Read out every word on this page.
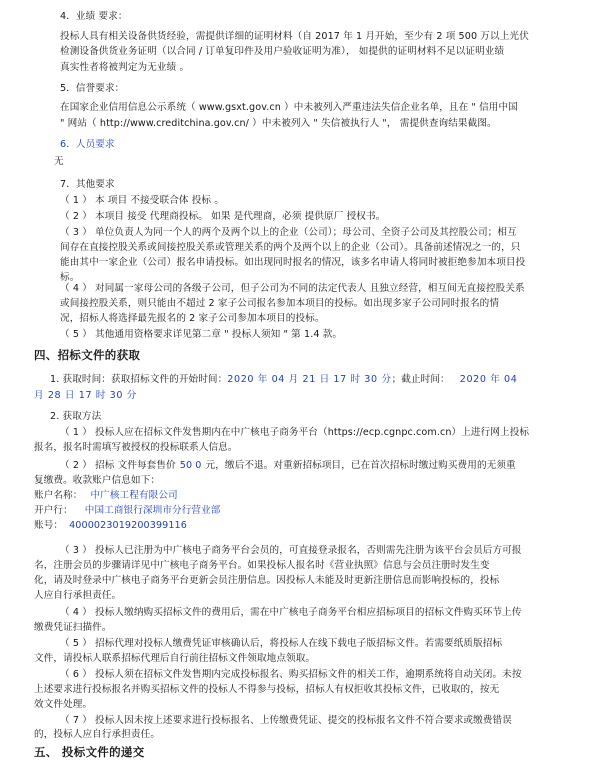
4．业绩 要求：
投标人具有相关设备供货经验，需提供详细的证明材料（自 2017 年 1 月开始，至少有 2 项 500 万以上光伏
检测设备供货业务证明（以合同 / 订单复印件及用户验收证明为准）， 如提供的证明材料不足以证明业绩
真实性者将被判定为无业绩 。
5．信誉要求：
在国家企业信用信息公示系统（ www.gsxt.gov.cn ）中未被列入严重违法失信企业名单，且在 " 信用中国
" 网站（ http://www.creditchina.gov.cn/ ）中未被列入 " 失信被执行人 "， 需提供查询结果截图。
6．人员要求
无
7．其他要求
（ 1 ） 本 项目 不接受联合体 投标 。
（ 2 ） 本项目 接受 代理商投标。 如果 是代理商，必须 提供原厂 授权书。
（ 3 ） 单位负责人为同一个人的两个及两个以上的企业（公司）；母公司、全资子公司及其控股公司；相互
间存在直接控股关系或间接控股关系或管理关系的两个及两个以上的企业（公司）。具备前述情况之一的，只
能由其中一家企业（公司）报名申请投标。如出现同时报名的情况，该多名申请人将同时被拒绝参加本项目投
标。
（ 4 ） 对同属一家母公司的各级子公司，但子公司为不同的法定代表人 且独立经营，相互间无直接控股关系
或间接控股关系，则只能由不超过 2 家子公司报名参加本项目的投标。如出现多家子公司同时报名的情
况，招标人将选择最先报名的 2 家子公司参加本项目的投标。
（ 5 ） 其他通用资格要求详见第二章 " 投标人须知 " 第 1.4 款。
四、招标文件的获取
1. 获取时间：获取招标文件的开始时间：2020 年 04 月 21 日 17 时 30 分；截止时间： 2020 年 04
月 28 日 17 时 30 分
2. 获取方法
（ 1 ） 投标人应在招标文件发售期内在中广核电子商务平台（https://ecp.cgnpc.com.cn）上进行网上投标
报名，报名时需填写被授权的投标联系人信息。
（ 2 ） 招标 文件每套售价 50 0 元，缴后不退。对重新招标项目，已在首次招标时缴过购买费用的无须重
复缴费。收款账户信息如下：
账户名称： 中广核工程有限公司
开户行： 中国工商银行深圳市分行营业部
账号： 4000023019200399116
（ 3 ） 投标人已注册为中广核电子商务平台会员的，可直接登录报名，否则需先注册为该平台会员后方可报
名，注册会员的步骤请详见中广核电子商务平台。如果投标人报名时《营业执照》信息与会员注册时发生变
化，请及时登录中广核电子商务平台更新会员注册信息。因投标人未能及时更新注册信息而影响投标的，投标
人应自行承担责任。
（ 4 ） 投标人缴纳购买招标文件的费用后，需在中广核电子商务平台相应招标项目的招标文件购买环节上传
缴费凭证扫描件。
（ 5 ） 招标代理对投标人缴费凭证审核确认后，将投标人在线下载电子版招标文件。若需要纸质版招标
文件，请投标人联系招标代理后自行前往招标文件领取地点领取。
（ 6 ） 投标人须在招标文件发售期内完成投标报名、购买招标文件的相关工作，逾期系统将自动关闭。未按
上述要求进行投标报名并购买招标文件的投标人不得参与投标，招标人有权拒收其投标文件，已收取的，按无
效文件处理。
（ 7 ） 投标人因未按上述要求进行投标报名、上传缴费凭证、提交的投标报名文件不符合要求或缴费错误
的，投标人应自行承担责任。
五、 投标文件的递交
